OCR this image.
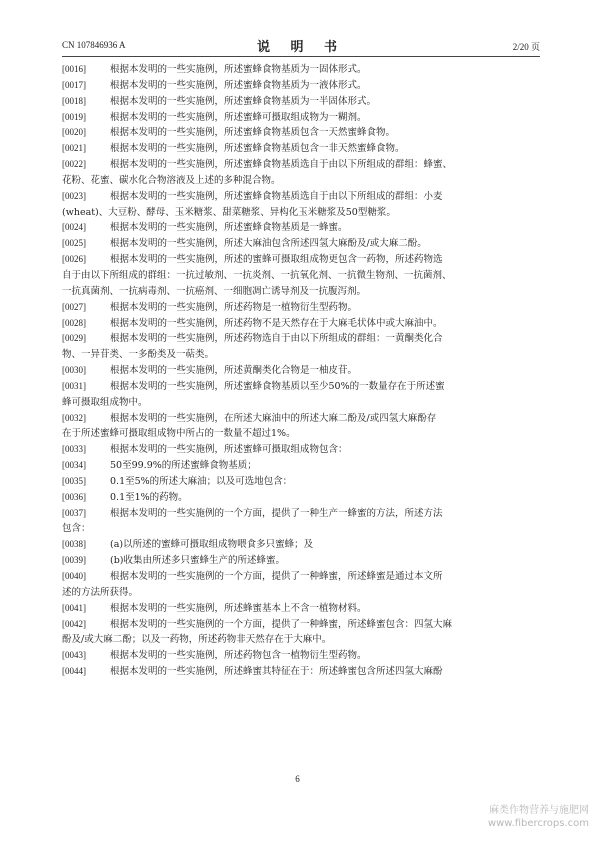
CN 107846936 A	说 明 书	2/20 页
[0016]	根据本发明的一些实施例，所述蜜蜂食物基质为一固体形式。
[0017]	根据本发明的一些实施例，所述蜜蜂食物基质为一液体形式。
[0018]	根据本发明的一些实施例，所述蜜蜂食物基质为一半固体形式。
[0019]	根据本发明的一些实施例，所述蜜蜂可摄取组成物为一糊剂。
[0020]	根据本发明的一些实施例，所述蜜蜂食物基质包含一天然蜜蜂食物。
[0021]	根据本发明的一些实施例，所述蜜蜂食物基质包含一非天然蜜蜂食物。
[0022]	根据本发明的一些实施例，所述蜜蜂食物基质选自于由以下所组成的群组：蜂蜜、
花粉、花蜜、碳水化合物溶液及上述的多种混合物。
[0023]	根据本发明的一些实施例，所述蜜蜂食物基质选自于由以下所组成的群组：小麦
(wheat)、大豆粉、酵母、玉米糖浆、甜菜糖浆、异构化玉米糖浆及50型糖浆。
[0024]	根据本发明的一些实施例，所述蜜蜂食物基质是一蜂蜜。
[0025]	根据本发明的一些实施例，所述大麻油包含所述四氢大麻酚及/或大麻二酚。
[0026]	根据本发明的一些实施例，所述的蜜蜂可摄取组成物更包含一药物，所述药物选
自于由以下所组成的群组：一抗过敏剂、一抗炎剂、一抗氧化剂、一抗微生物剂、一抗菌剂、
一抗真菌剂、一抗病毒剂、一抗癌剂、一细胞凋亡诱导剂及一抗腹泻剂。
[0027]	根据本发明的一些实施例，所述药物是一植物衍生型药物。
[0028]	根据本发明的一些实施例，所述药物不是天然存在于大麻毛状体中或大麻油中。
[0029]	根据本发明的一些实施例，所述药物选自于由以下所组成的群组：一黄酮类化合
物、一异苷类、一多酚类及一萜类。
[0030]	根据本发明的一些实施例，所述黄酮类化合物是一柚皮苷。
[0031]	根据本发明的一些实施例，所述蜜蜂食物基质以至少50%的一数量存在于所述蜜
蜂可摄取组成物中。
[0032]	根据本发明的一些实施例，在所述大麻油中的所述大麻二酚及/或四氢大麻酚存
在于所述蜜蜂可摄取组成物中所占的一数量不超过1%。
[0033]	根据本发明的一些实施例，所述蜜蜂可摄取组成物包含：
[0034]	50至99.9%的所述蜜蜂食物基质；
[0035]	0.1至5%的所述大麻油；以及可选地包含：
[0036]	0.1至1%的药物。
[0037]	根据本发明的一些实施例的一个方面，提供了一种生产一蜂蜜的方法，所述方法
包含：
[0038]	(a)以所述的蜜蜂可摄取组成物喂食多只蜜蜂；及
[0039]	(b)收集由所述多只蜜蜂生产的所述蜂蜜。
[0040]	根据本发明的一些实施例的一个方面，提供了一种蜂蜜，所述蜂蜜是通过本文所
述的方法所获得。
[0041]	根据本发明的一些实施例，所述蜂蜜基本上不含一植物材料。
[0042]	根据本发明的一些实施例的一个方面，提供了一种蜂蜜，所述蜂蜜包含：四氢大麻
酚及/或大麻二酚；以及一药物，所述药物非天然存在于大麻中。
[0043]	根据本发明的一些实施例，所述药物包含一植物衍生型药物。
[0044]	根据本发明的一些实施例，所述蜂蜜其特征在于：所述蜂蜜包含所述四氢大麻酚
6
麻类作物营养与施肥网
www.fibercrops.com
